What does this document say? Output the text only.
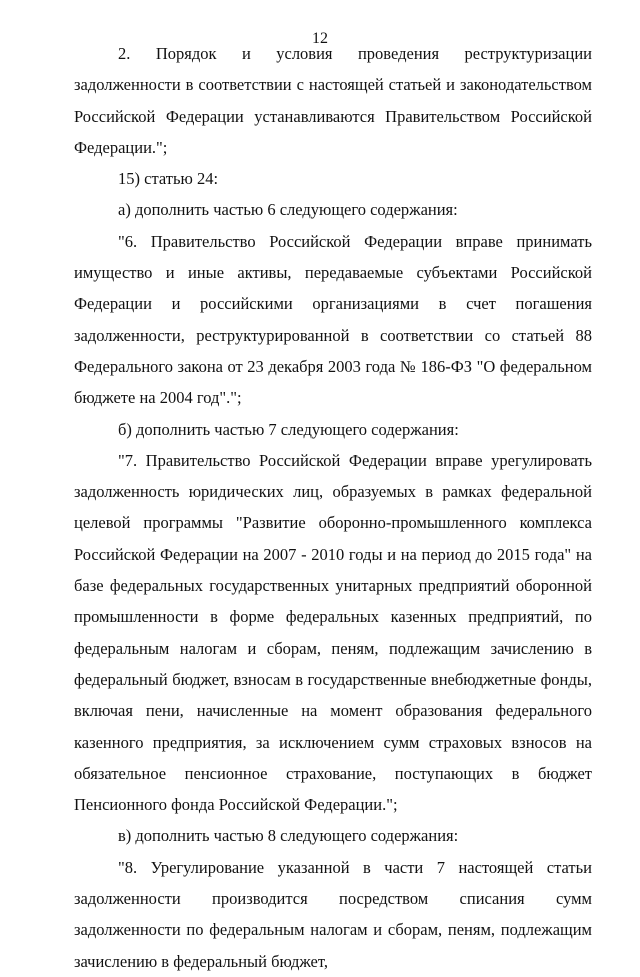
12

2. Порядок и условия проведения реструктуризации задолженности в соответствии с настоящей статьей и законодательством Российской Федерации устанавливаются Правительством Российской Федерации.";

15) статью 24:

а) дополнить частью 6 следующего содержания:

"6. Правительство Российской Федерации вправе принимать имущество и иные активы, передаваемые субъектами Российской Федерации и российскими организациями в счет погашения задолженности, реструктурированной в соответствии со статьей 88 Федерального закона от 23 декабря 2003 года № 186-ФЗ "О федеральном бюджете на 2004 год".";

б) дополнить частью 7 следующего содержания:

"7. Правительство Российской Федерации вправе урегулировать задолженность юридических лиц, образуемых в рамках федеральной целевой программы "Развитие оборонно-промышленного комплекса Российской Федерации на 2007 - 2010 годы и на период до 2015 года" на базе федеральных государственных унитарных предприятий оборонной промышленности в форме федеральных казенных предприятий, по федеральным налогам и сборам, пеням, подлежащим зачислению в федеральный бюджет, взносам в государственные внебюджетные фонды, включая пени, начисленные на момент образования федерального казенного предприятия, за исключением сумм страховых взносов на обязательное пенсионное страхование, поступающих в бюджет Пенсионного фонда Российской Федерации.";

в) дополнить частью 8 следующего содержания:

"8. Урегулирование указанной в части 7 настоящей статьи задолженности производится посредством списания сумм задолженности по федеральным налогам и сборам, пеням, подлежащим зачислению в федеральный бюджет,
